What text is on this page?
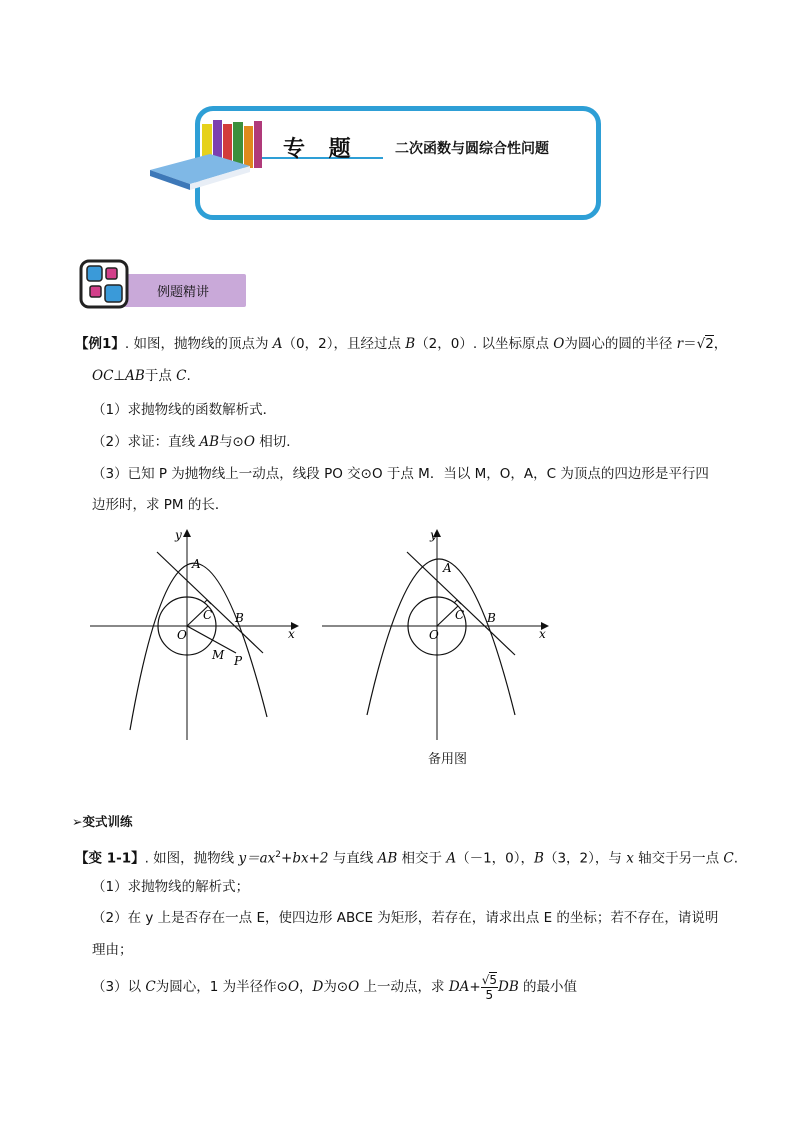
专 题	二次函数与圆综合性问题
例题精讲
【例1】. 如图，抛物线的顶点为 A（0，2），且经过点 B（2，0）. 以坐标原点 O为圆心的圆的半径 r＝√2，
OC⊥AB于点 C.
（1）求抛物线的函数解析式．
（2）求证：直线 AB与⊙O 相切．
（3）已知 P 为抛物线上一动点，线段 PO 交⊙O 于点 M．当以 M，O，A，C 为顶点的四边形是平行四
边形时，求 PM 的长．
y
x
A
B
C
O
M P
y
x
A
B
C
O
备用图
➢变式训练
【变 1-1】. 如图，抛物线 $y=ax^2+bx+2$ 与直线 AB 相交于 A（－1，0），B（3，2），与 x 轴交于另一点 C.
（1）求抛物线的解析式；
（2）在 y 上是否存在一点 E，使四边形 ABCE 为矩形，若存在，请求出点 E 的坐标；若不存在，请说明
理由；
（3）以 C为圆心，1 为半径作⊙O，D为⊙O 上一动点，求 $DA+ \frac{√5}{5}$ DB 的最小值
